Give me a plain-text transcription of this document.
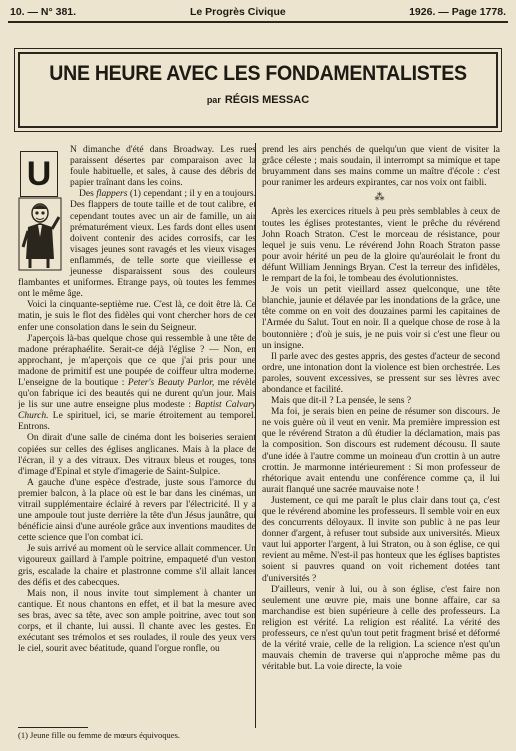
10. — N° 381.	Le Progrès Civique	1926. — Page 1778.
UNE HEURE AVEC LES FONDAMENTALISTES
par RÉGIS MESSAC
U

N dimanche d'été dans Broadway. Les rues paraissent désertes par comparaison avec la foule habituelle, et sales, à cause des débris de papier traînant dans les coins.

Des flappers (1) cependant ; il y en a toujours. Des flappers de toute taille et de tout calibre, et cependant toutes avec un air de famille, un air prématurément vieux. Les fards dont elles usent doivent contenir des acides corrosifs, car les visages jeunes sont ravagés et les vieux visages enflammés, de telle sorte que vieillesse et jeunesse disparaissent sous des couleurs flambantes et uniformes. Etrange pays, où toutes les femmes ont le même âge.

Voici la cinquante-septième rue. C'est là, ce doit être là. Ce matin, je suis le flot des fidèles qui vont chercher hors de cet enfer une consolation dans le sein du Seigneur.

J'aperçois là-bas quelque chose qui ressemble à une tête de madone préraphaélite. Serait-ce déjà l'église ? — Non, en approchant, je m'aperçois que ce que j'ai pris pour une madone de primitif est une poupée de coiffeur ultra moderne. L'enseigne de la boutique : Peter's Beauty Parlor, me révèle qu'on fabrique ici des beautés qui ne durent qu'un jour. Mais je lis sur une autre enseigne plus modeste : Baptist Calvary Church. Le spirituel, ici, se marie étroitement au temporel. Entrons.

On dirait d'une salle de cinéma dont les boiseries seraient copiées sur celles des églises anglicanes. Mais à la place de l'écran, il y a des vitraux. Des vitraux bleus et rouges, tons d'image d'Epinal et style d'imagerie de Saint-Sulpice.

A gauche d'une espèce d'estrade, juste sous l'amorce du premier balcon, à la place où est le bar dans les cinémas, un vitrail supplémentaire éclairé à revers par l'électricité. Il y a une ampoule tout juste derrière la tête d'un Jésus jaunâtre, qui bénéficie ainsi d'une auréole grâce aux inventions maudites de cette science que l'on combat ici.

Je suis arrivé au moment où le service allait commencer. Un vigoureux gaillard à l'ample poitrine, empaqueté d'un veston gris, escalade la chaire et plastronne comme s'il allait lancer des défis et des cabecques.

Mais non, il nous invite tout simplement à chanter un cantique. Et nous chantons en effet, et il bat la mesure avec ses bras, avec sa tête, avec son ample poitrine, avec tout son corps, et il chante, lui aussi. Il chante avec les gestes. En exécutant ses trémolos et ses roulades, il roule des yeux vers le ciel, sourit avec béatitude, quand l'orgue ronfle, ou

prend les airs penchés de quelqu'un que vient de visiter la grâce céleste ; mais soudain, il interrompt sa mimique et tape bruyamment dans ses mains comme un maître d'école : c'est pour ranimer les ardeurs expirantes, car nos voix ont faibli.

⁂

Après les exercices rituels à peu près semblables à ceux de toutes les églises protestantes, vient le prêche du révérend John Roach Straton. C'est le morceau de résistance, pour lequel je suis venu. Le révérend John Roach Straton passe pour avoir hérité un peu de la gloire qu'auréolait le front du défunt William Jennings Bryan. C'est la terreur des infidèles, le rempart de la foi, le tombeau des évolutionnistes.

Je vois un petit vieillard assez quelconque, une tête blanchie, jaunie et délavée par les inondations de la grâce, une tête comme on en voit des douzaines parmi les capitaines de l'Armée du Salut. Tout en noir. Il a quelque chose de rose à la boutonnière ; d'où je suis, je ne puis voir si c'est une fleur ou un insigne.

Il parle avec des gestes appris, des gestes d'acteur de second ordre, une intonation dont la violence est bien orchestrée. Les paroles, souvent excessives, se pressent sur ses lèvres avec abondance et facilité.

Mais que dit-il ? La pensée, le sens ?

Ma foi, je serais bien en peine de résumer son discours. Je ne vois guère où il veut en venir. Ma première impression est que le révérend Straton a dû étudier la déclamation, mais pas la composition. Son discours est rudement décousu. Il saute d'une idée à l'autre comme un moineau d'un crottin à un autre crottin. Je marmonne intérieurement : Si mon professeur de rhétorique avait entendu une conférence comme ça, il lui aurait flanqué une sacrée mauvaise note !

Justement, ce qui me paraît le plus clair dans tout ça, c'est que le révérend abomine les professeurs. Il semble voir en eux des concurrents déloyaux. Il invite son public à ne pas leur donner d'argent, à refuser tout subside aux universités. Mieux vaut lui apporter l'argent, à lui Straton, ou à son église, ce qui revient au même. N'est-il pas honteux que les églises baptistes soient si pauvres quand on voit richement dotées tant d'universités ?

D'ailleurs, venir à lui, ou à son église, c'est faire non seulement une œuvre pie, mais une bonne affaire, car sa marchandise est bien supérieure à celle des professeurs. La religion est vérité. La religion est réalité. La vérité des professeurs, ce n'est qu'un tout petit fragment brisé et déformé de la vérité vraie, celle de la religion. La science n'est qu'un mauvais chemin de traverse qui n'approche même pas du véritable but. La voie directe, la voie

(1) Jeune fille ou femme de mœurs équivoques.
